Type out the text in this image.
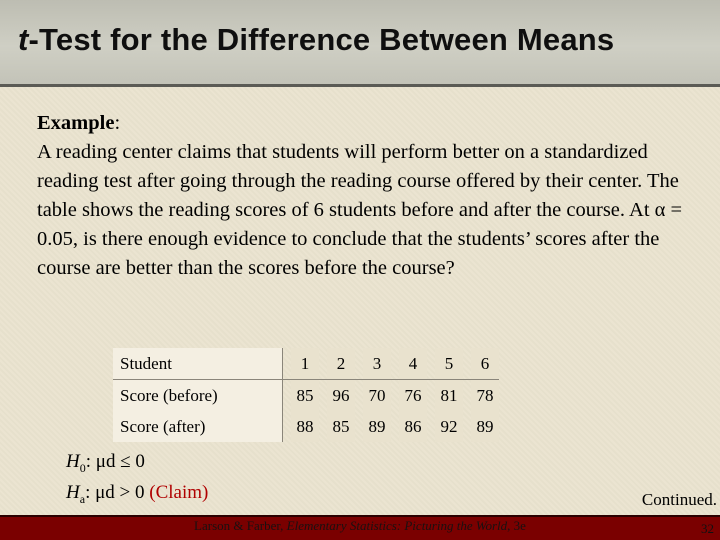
t-Test for the Difference Between Means
Example:
A reading center claims that students will perform better on a standardized reading test after going through the reading course offered by their center. The table shows the reading scores of 6 students before and after the course. At α = 0.05, is there enough evidence to conclude that the students’ scores after the course are better than the scores before the course?
Student		1		2		3		4		5		6
Score (before)		85		96		70		76		81		78
Score (after)		88		85		89		86		92		89
$H_0$: μd ≤ 0
$H_a$: μd > 0 (Claim)	Continued.
Larson & Farber, Elementary Statistics: Picturing the World, 3e	32
